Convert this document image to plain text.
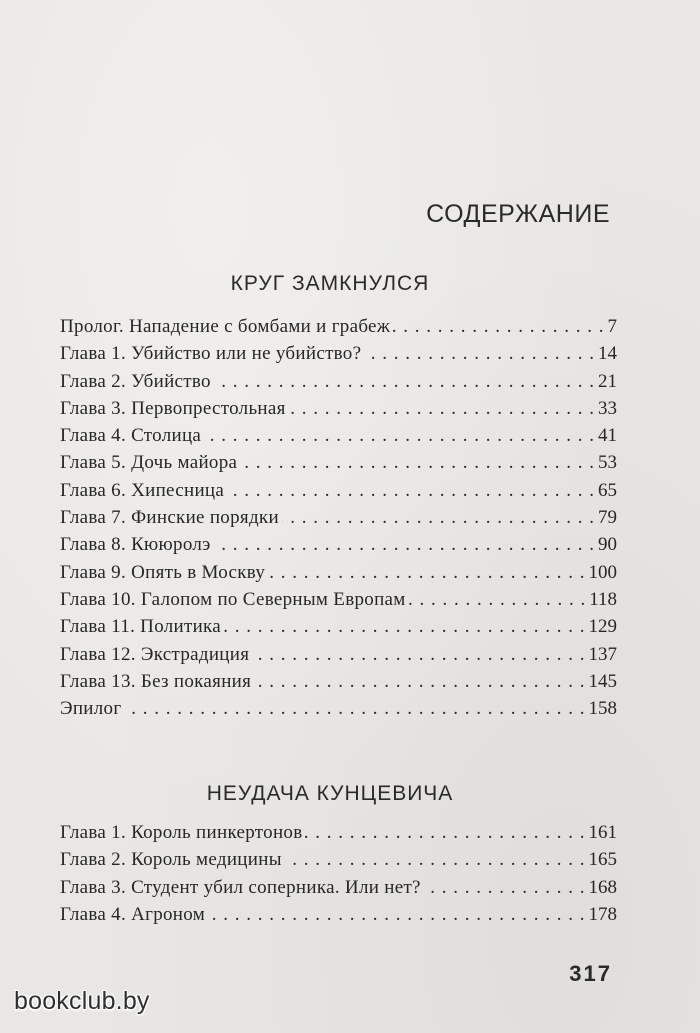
СОДЕРЖАНИЕ
КРУГ ЗАМКНУЛСЯ
Пролог. Нападение с бомбами и грабеж . . .	7
Глава 1. Убийство или не убийство? . . .	14
Глава 2. Убийство . . .	21
Глава 3. Первопрестольная . . .	33
Глава 4. Столица . . .	41
Глава 5. Дочь майора . . .	53
Глава 6. Хипесница . . .	65
Глава 7. Финские порядки . . .	79
Глава 8. Кююролэ . . .	90
Глава 9. Опять в Москву . . .	100
Глава 10. Галопом по Северным Европам . . .	118
Глава 11. Политика . . .	129
Глава 12. Экстрадиция . . .	137
Глава 13. Без покаяния . . .	145
Эпилог . . .	158
НЕУДАЧА КУНЦЕВИЧА
Глава 1. Король пинкертонов . . .	161
Глава 2. Король медицины . . .	165
Глава 3. Студент убил соперника. Или нет? . . .	168
Глава 4. Агроном . . .	178
317
bookclub.by
